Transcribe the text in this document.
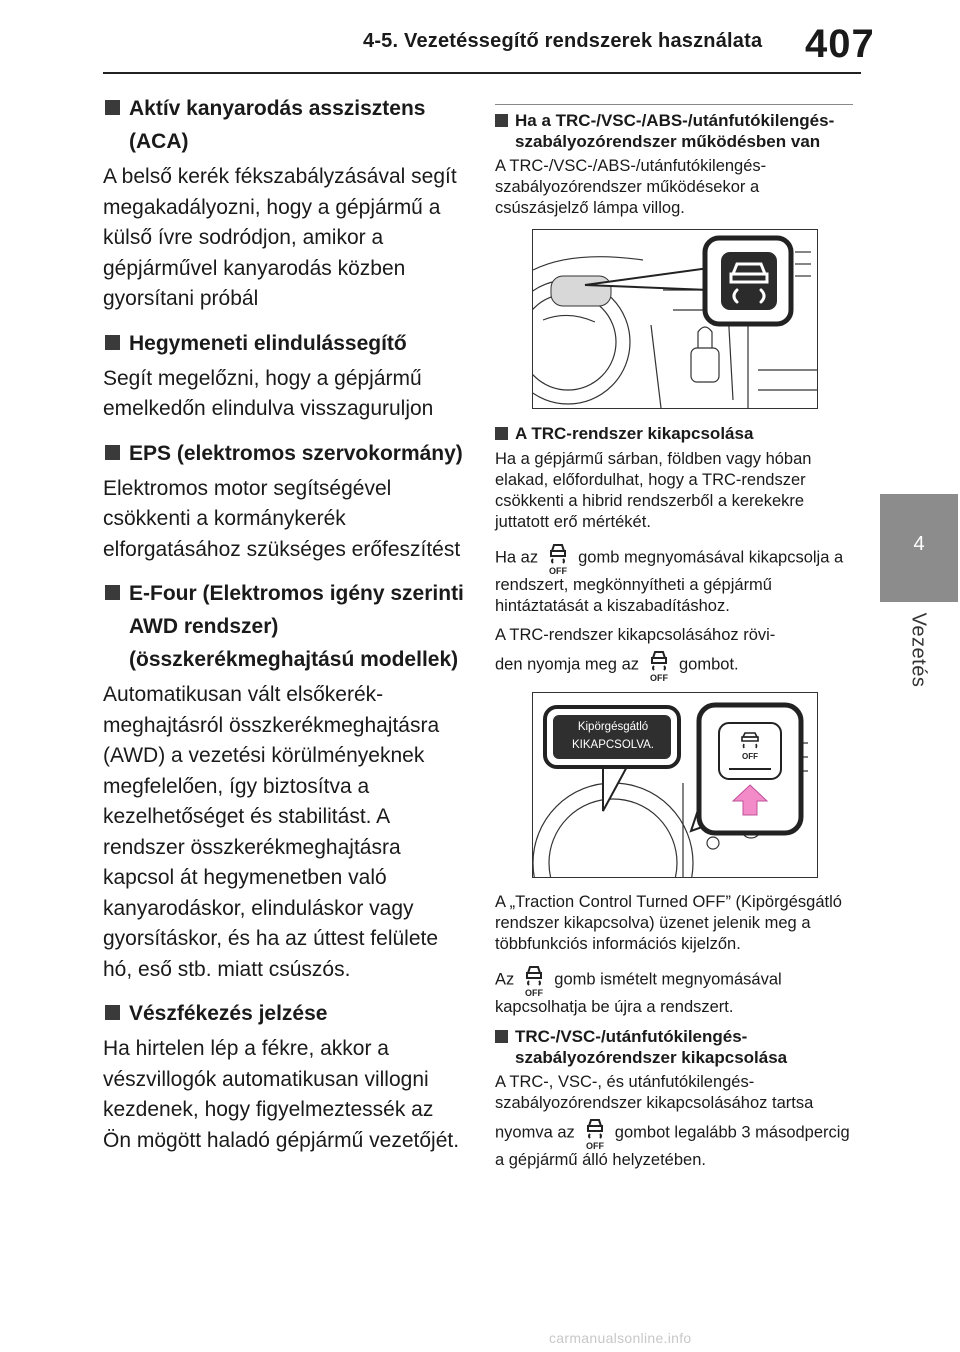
4-5. Vezetéssegítő rendszerek használata 407
4
Vezetés
Aktív kanyarodás asszisztens (ACA)

A belső kerék fékszabályzásával segít megakadályozni, hogy a gépjármű a külső ívre sodródjon, amikor a gépjárművel kanyarodás közben gyorsítani próbál

Hegymeneti elindulássegítő

Segít megelőzni, hogy a gépjármű emelkedőn elindulva visszaguruljon

EPS (elektromos szervokormány)

Elektromos motor segítségével csökkenti a kormánykerék elforgatásához szükséges erőfeszítést

E-Four (Elektromos igény szerinti AWD rendszer) (összkerékmeghajtású modellek)

Automatikusan vált elsőkerék-meghajtásról összkerékmeghajtásra (AWD) a vezetési körülményeknek megfelelően, így biztosítva a kezelhetőséget és stabilitást. A rendszer összkerékmeghajtásra kapcsol át hegymenetben való kanyarodáskor, elinduláskor vagy gyorsításkor, és ha az úttest felülete hó, eső stb. miatt csúszós.

Vészfékezés jelzése

Ha hirtelen lép a fékre, akkor a vészvillogók automatikusan villogni kezdenek, hogy figyelmeztessék az Ön mögött haladó gépjármű vezetőjét.

Ha a TRC-/VSC-/ABS-/utánfutókilengés-szabályozórendszer működésben van

A TRC-/VSC-/ABS-/utánfutókilengés-szabályozórendszer működésekor a csúszásjelző lámpa villog.

A TRC-rendszer kikapcsolása

Ha a gépjármű sárban, földben vagy hóban elakad, előfordulhat, hogy a TRC-rendszer csökkenti a hibrid rendszerből a kerekekre juttatott erő mértékét.

Ha az
OFF
gomb megnyomásával kikapcsolja a rendszert, megkönnyítheti a gépjármű hintáztatását a kiszabadításhoz.

A TRC-rendszer kikapcsolásához rövi-

den nyomja meg az
OFF
gombot.

OFF
Kipörgésgátló
KIKAPCSOLVA.

A „Traction Control Turned OFF” (Kipörgésgátló rendszer kikapcsolva) üzenet jelenik meg a többfunkciós információs kijelzőn.

Az
OFF
gomb ismételt megnyomásával kapcsolhatja be újra a rendszert.

TRC-/VSC-/utánfutókilengés-szabályozórendszer kikapcsolása

A TRC-, VSC-, és utánfutókilengés-szabályozórendszer kikapcsolásához tartsa

nyomva az
OFF
gombot legalább 3 másodpercig a gépjármű álló helyzetében.

carmanualsonline.info
